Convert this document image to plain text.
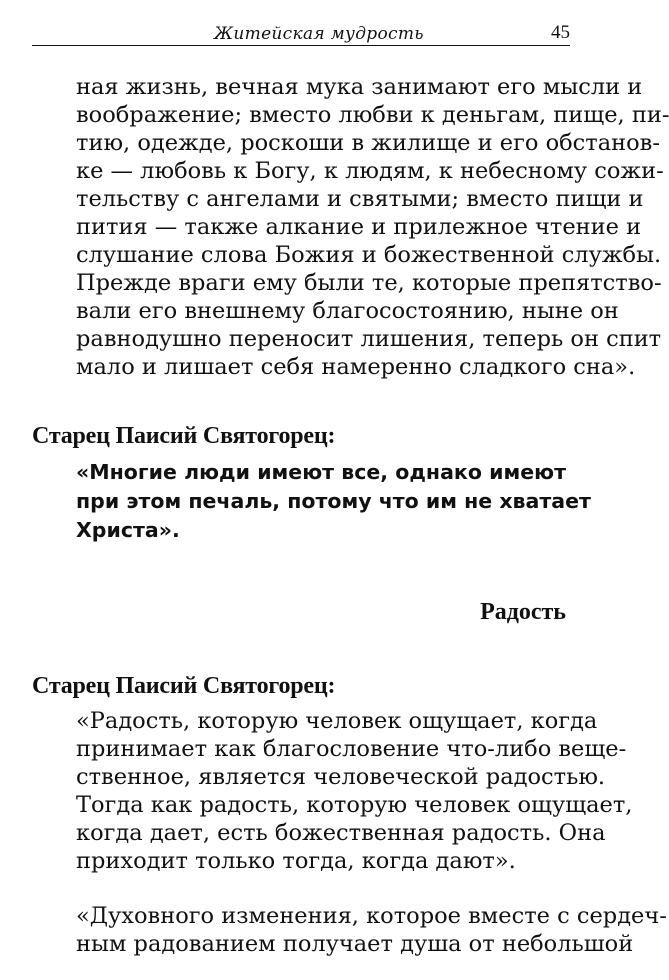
Житейская мудрость	45
ная жизнь, вечная мука занимают его мысли и
воображение; вместо любви к деньгам, пище, пи-
тию, одежде, роскоши в жилище и его обстанов-
ке — любовь к Богу, к людям, к небесному сожи-
тельству с ангелами и святыми; вместо пищи и
пития — также алкание и прилежное чтение и
слушание слова Божия и божественной службы.
Прежде враги ему были те, которые препятство-
вали его внешнему благосостоянию, ныне он
равнодушно переносит лишения, теперь он спит
мало и лишает себя намеренно сладкого сна».
Старец Паисий Святогорец:
«Многие люди имеют все, однако имеют
при этом печаль, потому что им не хватает
Христа».
Радость
Старец Паисий Святогорец:
«Радость, которую человек ощущает, когда
принимает как благословение что-либо веще-
ственное, является человеческой радостью.
Тогда как радость, которую человек ощущает,
когда дает, есть божественная радость. Она
приходит только тогда, когда дают».
«Духовного изменения, которое вместе с сердеч-
ным радованием получает душа от небольшой
